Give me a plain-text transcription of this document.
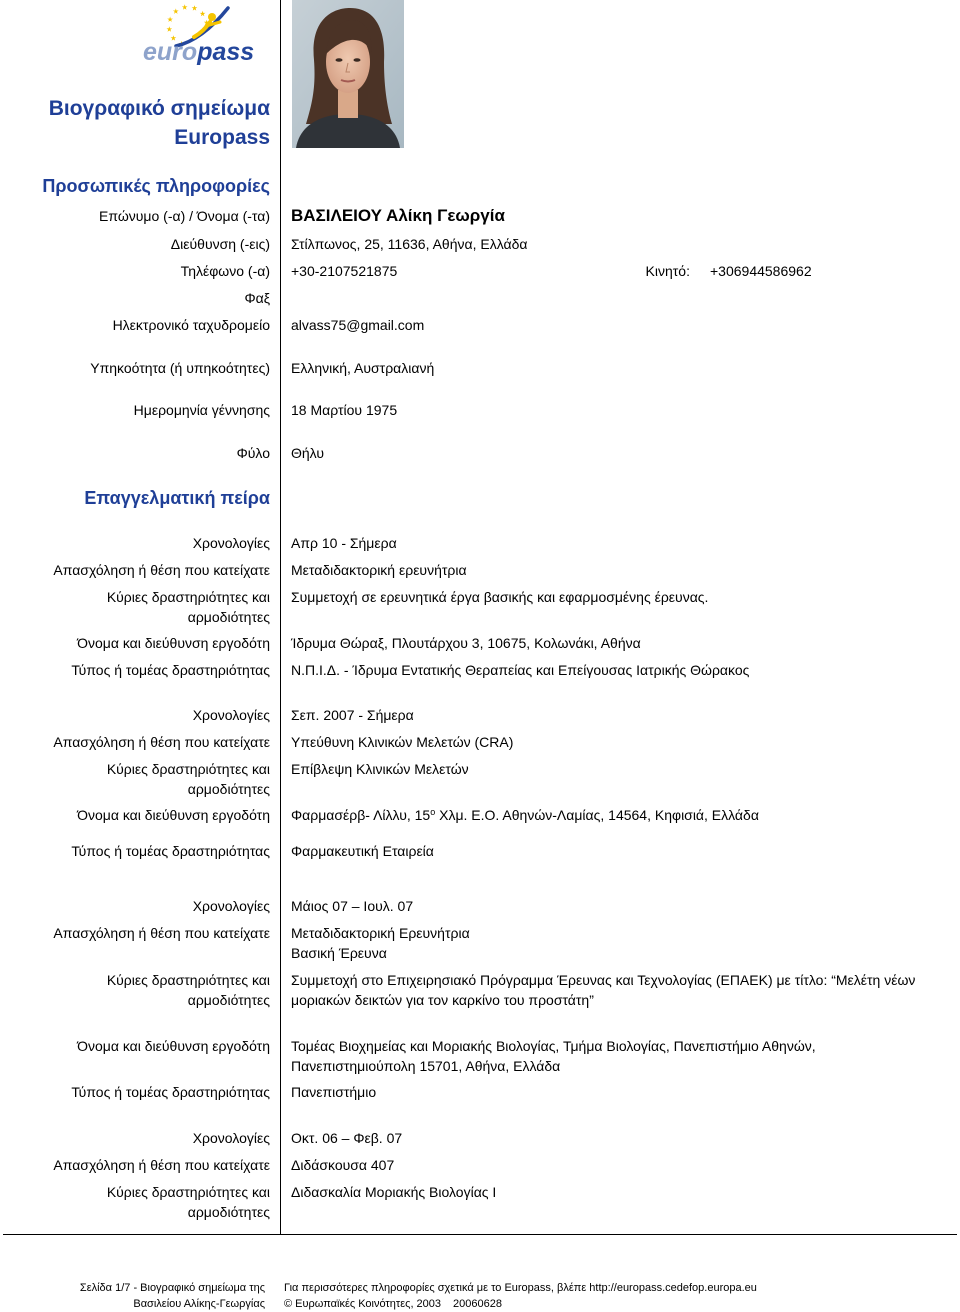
europass
Βιογραφικό σημείωμα
Europass
Προσωπικές πληροφορίες
Επώνυμο (-α) / Όνομα (-τα) ΒΑΣΙΛΕΙΟΥ Αλίκη Γεωργία
Διεύθυνση (-εις) Στίλπωνος, 25, 11636, Αθήνα, Ελλάδα
Τηλέφωνο (-α) +30-2107521875	Κινητό: +306944586962
Φαξ
Ηλεκτρονικό ταχυδρομείο alvass75@gmail.com
Υπηκοότητα (ή υπηκοότητες) Ελληνική, Αυστραλιανή
Ημερομηνία γέννησης 18 Μαρτίου 1975
Φύλο Θήλυ
Επαγγελματική πείρα
Χρονολογίες Απρ 10 - Σήμερα
Απασχόληση ή θέση που κατείχατε Μεταδιδακτορική ερευνήτρια
Κύριες δραστηριότητες και
αρμοδιότητες
Συμμετοχή σε ερευνητικά έργα βασικής και εφαρμοσμένης έρευνας.
Όνομα και διεύθυνση εργοδότη Ίδρυμα Θώραξ, Πλουτάρχου 3, 10675, Κολωνάκι, Αθήνα
Τύπος ή τομέας δραστηριότητας Ν.Π.Ι.Δ. - Ίδρυμα Εντατικής Θεραπείας και Επείγουσας Ιατρικής Θώρακος
Χρονολογίες Σεπ. 2007 - Σήμερα
Απασχόληση ή θέση που κατείχατε Υπεύθυνη Κλινικών Μελετών (CRA)
Κύριες δραστηριότητες και
αρμοδιότητες
Επίβλεψη Κλινικών Μελετών
Όνομα και διεύθυνση εργοδότη Φαρμασέρβ- Λίλλυ, $15^o$ Χλμ. Ε.Ο. Αθηνών-Λαμίας, 14564, Κηφισιά, Ελλάδα
Τύπος ή τομέας δραστηριότητας Φαρμακευτική Εταιρεία
Χρονολογίες Μάιος 07 – Ιουλ. 07
Απασχόληση ή θέση που κατείχατε Μεταδιδακτορική Ερευνήτρια
Βασική Έρευνα
Κύριες δραστηριότητες και
αρμοδιότητες
Συμμετοχή στο Επιχειρησιακό Πρόγραμμα Έρευνας και Τεχνολογίας (ΕΠΑΕΚ) με τίτλο: “Μελέτη νέων
μοριακών δεικτών για τον καρκίνο του προστάτη”
Όνομα και διεύθυνση εργοδότη Τομέας Βιοχημείας και Μοριακής Βιολογίας, Τμήμα Βιολογίας, Πανεπιστήμιο Αθηνών,
Πανεπιστημιούπολη 15701, Αθήνα, Ελλάδα
Τύπος ή τομέας δραστηριότητας Πανεπιστήμιο
Χρονολογίες Οκτ. 06 – Φεβ. 07
Απασχόληση ή θέση που κατείχατε Διδάσκουσα 407
Κύριες δραστηριότητες και
αρμοδιότητες
Διδασκαλία Μοριακής Βιολογίας Ι
Σελίδα 1/7 - Βιογραφικό σημείωμα της
Βασιλείου Αλίκης-Γεωργίας
Για περισσότερες πληροφορίες σχετικά με το Europass, βλέπε http://europass.cedefop.europa.eu
© Ευρωπαϊκές Κοινότητες, 2003 20060628
